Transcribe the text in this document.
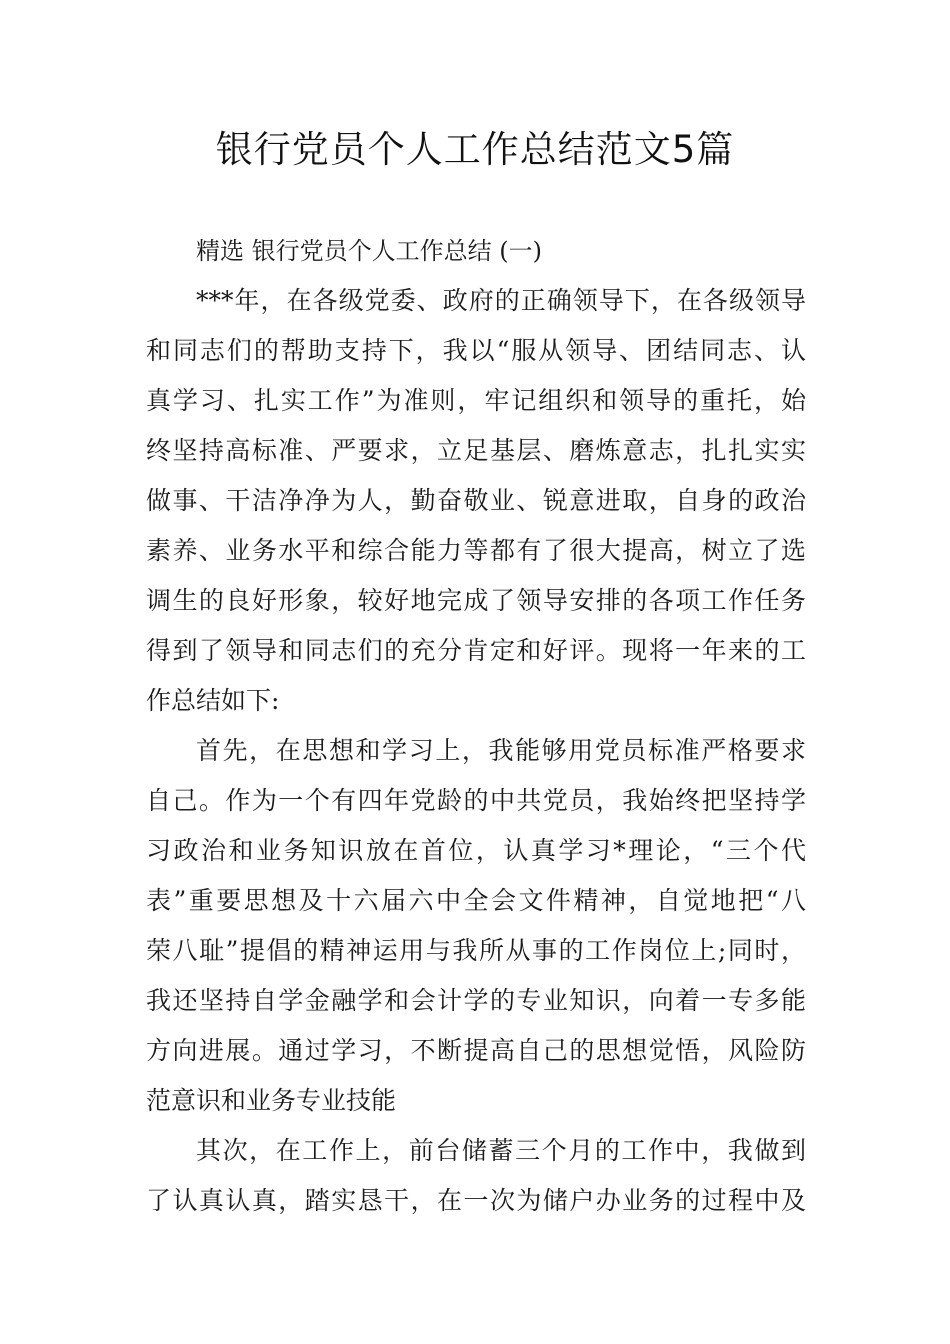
银行党员个人工作总结范文5篇
精选 银行党员个人工作总结 (一)
***年，在各级党委、政府的正确领导下，在各级领导
和同志们的帮助支持下，我以“服从领导、团结同志、认
真学习、扎实工作”为准则，牢记组织和领导的重托，始
终坚持高标准、严要求，立足基层、磨炼意志，扎扎实实
做事、干洁净净为人，勤奋敬业、锐意进取，自身的政治
素养、业务水平和综合能力等都有了很大提高，树立了选
调生的良好形象，较好地完成了领导安排的各项工作任务
得到了领导和同志们的充分肯定和好评。现将一年来的工
作总结如下:
首先，在思想和学习上，我能够用党员标准严格要求
自己。作为一个有四年党龄的中共党员，我始终把坚持学
习政治和业务知识放在首位，认真学习*理论，“三个代
表”重要思想及十六届六中全会文件精神，自觉地把“八
荣八耻”提倡的精神运用与我所从事的工作岗位上;同时，
我还坚持自学金融学和会计学的专业知识，向着一专多能
方向进展。通过学习，不断提高自己的思想觉悟，风险防
范意识和业务专业技能
其次，在工作上，前台储蓄三个月的工作中，我做到
了认真认真，踏实恳干，在一次为储户办业务的过程中及
